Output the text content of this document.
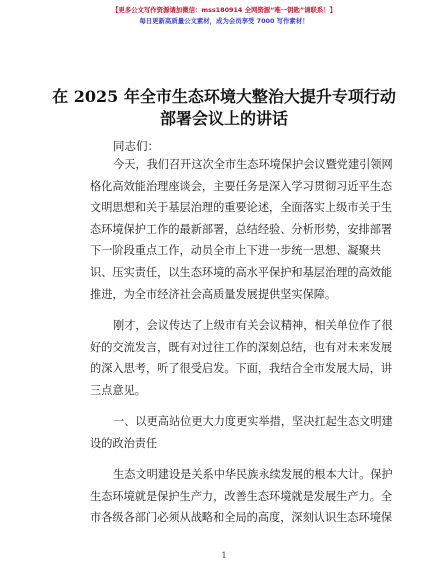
【更多公文写作资源请加微信：mss180914 全网资源“唯一钥匙”请联系！】
每日更新高质量公文素材，成为会员享受 7000 写作素材！
在 2025 年全市生态环境大整治大提升专项行动
部署会议上的讲话
同志们：
今天，我们召开这次全市生态环境保护会议暨党建引领网
格化高效能治理座谈会，主要任务是深入学习贯彻习近平生态
文明思想和关于基层治理的重要论述，全面落实上级市关于生
态环境保护工作的最新部署，总结经验、分析形势，安排部署
下一阶段重点工作，动员全市上下进一步统一思想、凝聚共
识、压实责任，以生态环境的高水平保护和基层治理的高效能
推进，为全市经济社会高质量发展提供坚实保障。
刚才，会议传达了上级市有关会议精神，相关单位作了很
好的交流发言，既有对过往工作的深刻总结，也有对未来发展
的深入思考，听了很受启发。下面，我结合全市发展大局，讲
三点意见。
一、以更高站位更大力度更实举措，坚决扛起生态文明建
设的政治责任
生态文明建设是关系中华民族永续发展的根本大计。保护
生态环境就是保护生产力，改善生态环境就是发展生产力。全
市各级各部门必须从战略和全局的高度，深刻认识生态环境保
1
